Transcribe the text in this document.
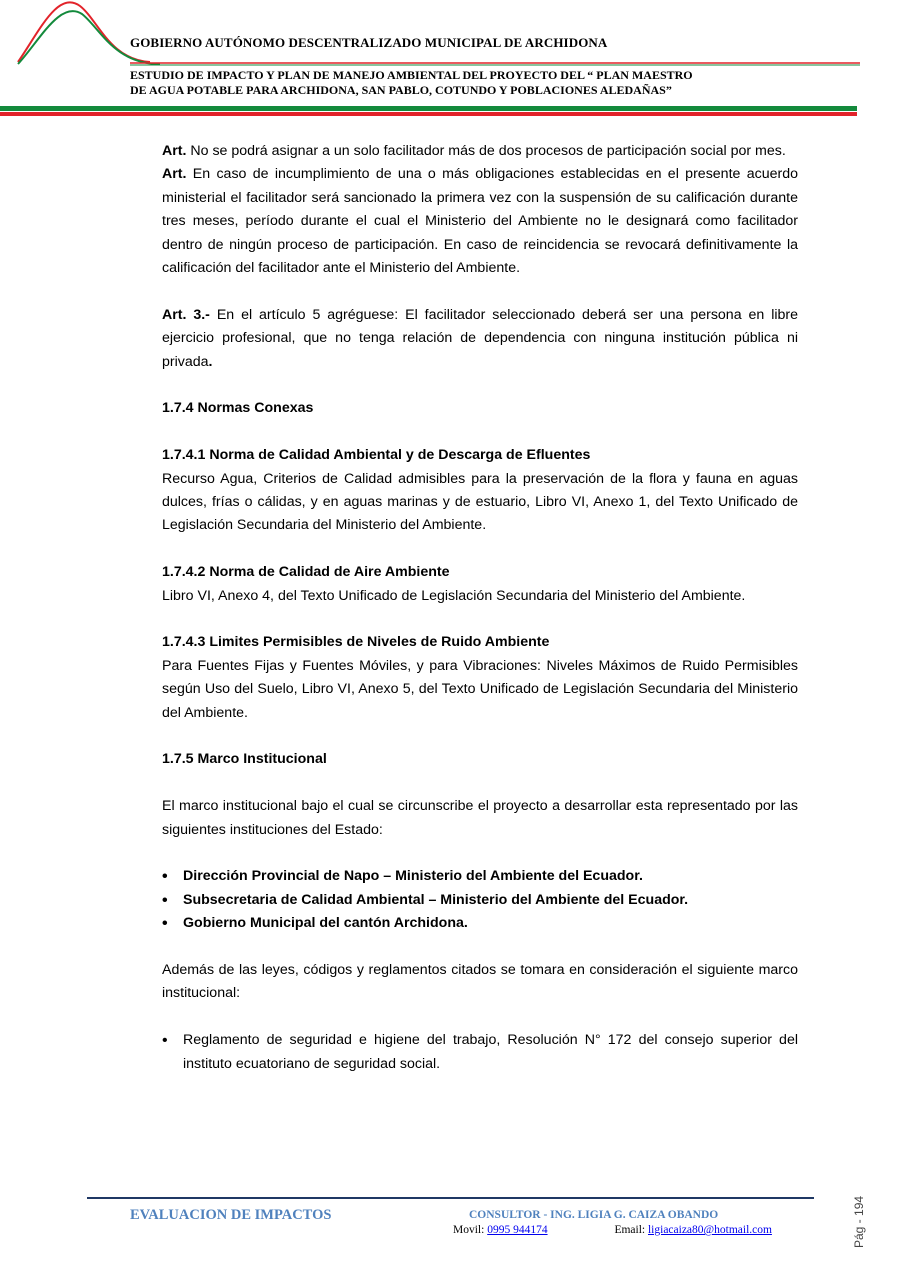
GOBIERNO AUTÓNOMO DESCENTRALIZADO MUNICIPAL DE ARCHIDONA
ESTUDIO DE IMPACTO Y PLAN DE MANEJO AMBIENTAL DEL PROYECTO DEL “ PLAN MAESTRO
DE AGUA POTABLE PARA ARCHIDONA, SAN PABLO, COTUNDO Y POBLACIONES ALEDAÑAS”

Art. No se podrá asignar a un solo facilitador más de dos procesos de participación social por mes.

Art. En caso de incumplimiento de una o más obligaciones establecidas en el presente acuerdo ministerial el facilitador será sancionado la primera vez con la suspensión de su calificación durante tres meses, período durante el cual el Ministerio del Ambiente no le designará como facilitador dentro de ningún proceso de participación. En caso de reincidencia se revocará definitivamente la calificación del facilitador ante el Ministerio del Ambiente.

Art. 3.- En el artículo 5 agréguese: El facilitador seleccionado deberá ser una persona en libre ejercicio profesional, que no tenga relación de dependencia con ninguna institución pública ni privada.

1.7.4 Normas Conexas

1.7.4.1 Norma de Calidad Ambiental y de Descarga de Efluentes

Recurso Agua, Criterios de Calidad admisibles para la preservación de la flora y fauna en aguas dulces, frías o cálidas, y en aguas marinas y de estuario, Libro VI, Anexo 1, del Texto Unificado de Legislación Secundaria del Ministerio del Ambiente.

1.7.4.2 Norma de Calidad de Aire Ambiente

Libro VI, Anexo 4, del Texto Unificado de Legislación Secundaria del Ministerio del Ambiente.

1.7.4.3 Limites Permisibles de Niveles de Ruido Ambiente

Para Fuentes Fijas y Fuentes Móviles, y para Vibraciones: Niveles Máximos de Ruido Permisibles según Uso del Suelo, Libro VI, Anexo 5, del Texto Unificado de Legislación Secundaria del Ministerio del Ambiente.

1.7.5 Marco Institucional

El marco institucional bajo el cual se circunscribe el proyecto a desarrollar esta representado por las siguientes instituciones del Estado:

• Dirección Provincial de Napo – Ministerio del Ambiente del Ecuador.
• Subsecretaria de Calidad Ambiental – Ministerio del Ambiente del Ecuador.
• Gobierno Municipal del cantón Archidona.

Además de las leyes, códigos y reglamentos citados se tomara en consideración el siguiente marco institucional:

• Reglamento de seguridad e higiene del trabajo, Resolución N° 172 del consejo superior del instituto ecuatoriano de seguridad social.
EVALUACION DE IMPACTOS	CONSULTOR - ING. LIGIA G. CAIZA OBANDO
Movil: 0995 944174	Email: ligiacaiza80@hotmail.com	Pág - 194
